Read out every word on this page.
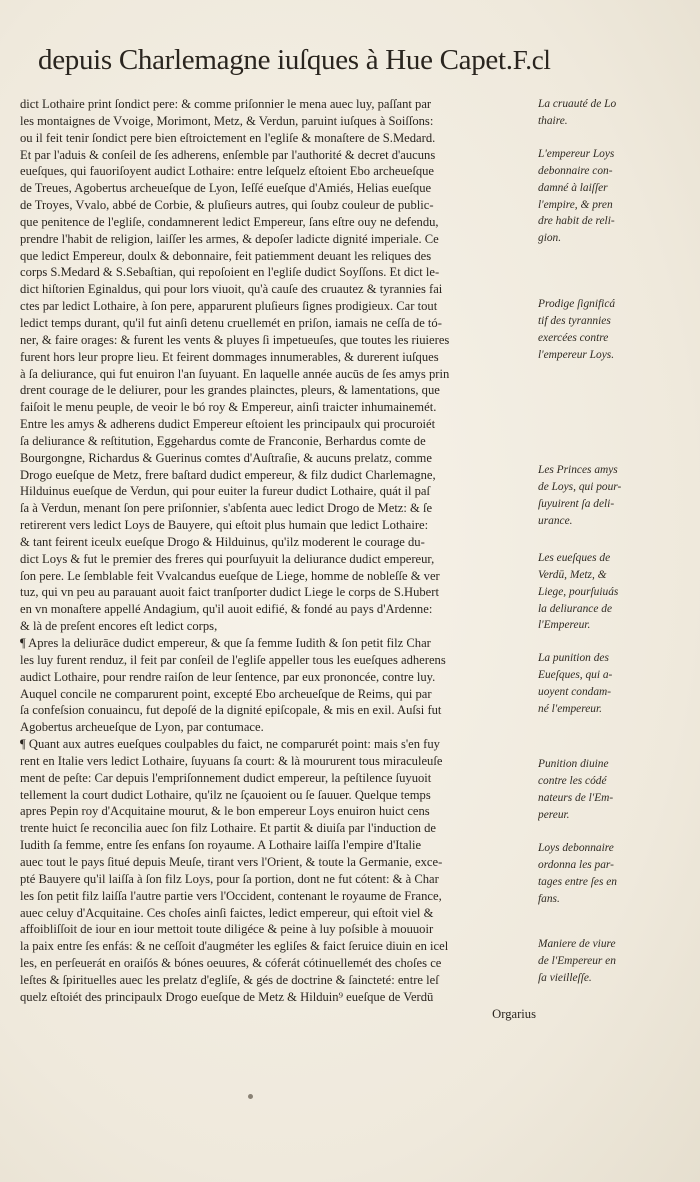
depuis Charlemagne iuſques à Hue Capet.F.cl
dict Lothaire print ſondict pere: & comme priſonnier le mena auec luy, paſſant par
les montaignes de Vvoige, Morimont, Metz, & Verdun, paruint iuſques à Soiſſons:
ou il feit tenir ſondict pere bien eſtroictement en l'egliſe & monaſtere de S.Medard.
Et par l'aduis & conſeil de ſes adherens, enſemble par l'authorité & decret d'aucuns
eueſques, qui fauoriſoyent audict Lothaire: entre leſquelz eſtoient Ebo archeueſque
de Treues, Agobertus archeueſque de Lyon, Ieſſé eueſque d'Amiés, Helias eueſque
de Troyes, Vvalo, abbé de Corbie, & pluſieurs autres, qui ſoubz couleur de public-
que penitence de l'egliſe, condamnerent ledict Empereur, ſans eſtre ouy ne defendu,
prendre l'habit de religion, laiſſer les armes, & depoſer ladicte dignité imperiale. Ce
que ledict Empereur, doulx & debonnaire, feit patiemment deuant les reliques des
corps S.Medard & S.Sebaſtian, qui repoſoient en l'egliſe dudict Soyſſons. Et dict le-
dict hiſtorien Eginaldus, qui pour lors viuoit, qu'à cauſe des cruautez & tyrannies fai
ctes par ledict Lothaire, à ſon pere, apparurent pluſieurs ſignes prodigieux. Car tout
ledict temps durant, qu'il fut ainſi detenu cruellemét en priſon, iamais ne ceſſa de tó-
ner, & faire orages: & furent les vents & pluyes ſi impetueuſes, que toutes les riuieres
furent hors leur propre lieu. Et feirent dommages innumerables, & durerent iuſques
à ſa deliurance, qui fut enuiron l'an ſuyuant. En laquelle année aucūs de ſes amys prin
drent courage de le deliurer, pour les grandes plainctes, pleurs, & lamentations, que
faiſoit le menu peuple, de veoir le bó roy & Empereur, ainſi traicter inhumainemét.
Entre les amys & adherens dudict Empereur eſtoient les principaulx qui procuroiét
ſa deliurance & reſtitution, Eggehardus comte de Franconie, Berhardus comte de
Bourgongne, Richardus & Guerinus comtes d'Auſtraſie, & aucuns prelatz, comme
Drogo eueſque de Metz, frere baſtard dudict empereur, & filz dudict Charlemagne,
Hilduinus eueſque de Verdun, qui pour euiter la fureur dudict Lothaire, quát il paſ
ſa à Verdun, menant ſon pere priſonnier, s'abſenta auec ledict Drogo de Metz: & ſe
retirerent vers ledict Loys de Bauyere, qui eſtoit plus humain que ledict Lothaire:
& tant feirent iceulx eueſque Drogo & Hilduinus, qu'ilz moderent le courage du-
dict Loys & fut le premier des freres qui pourſuyuit la deliurance dudict empereur,
ſon pere. Le ſemblable feit Vvalcandus eueſque de Liege, homme de nobleſſe & ver
tuz, qui vn peu au parauant auoit faict tranſporter dudict Liege le corps de S.Hubert
en vn monaſtere appellé Andagium, qu'il auoit edifié, & fondé au pays d'Ardenne:
& là de preſent encores eſt ledict corps,
¶ Apres la deliurāce dudict empereur, & que ſa femme Iudith & ſon petit filz Char
les luy furent renduz, il feit par conſeil de l'egliſe appeller tous les eueſques adherens
audict Lothaire, pour rendre raiſon de leur ſentence, par eux prononcée, contre luy.
Auquel concile ne comparurent point, excepté Ebo archeueſque de Reims, qui par
ſa confeſsion conuaincu, fut depoſé de la dignité epiſcopale, & mis en exil. Auſsi fut
Agobertus archeueſque de Lyon, par contumace.
¶ Quant aux autres eueſques coulpables du faict, ne comparurét point: mais s'en fuy
rent en Italie vers ledict Lothaire, ſuyuans ſa court: & là moururent tous miraculeuſe
ment de peſte: Car depuis l'empriſonnement dudict empereur, la peſtilence ſuyuoit
tellement la court dudict Lothaire, qu'ilz ne ſçauoient ou ſe ſauuer. Quelque temps
apres Pepin roy d'Acquitaine mourut, & le bon empereur Loys enuiron huict cens
trente huict ſe reconcilia auec ſon filz Lothaire. Et partit & diuiſa par l'induction de
Iudith ſa femme, entre ſes enfans ſon royaume. A Lothaire laiſſa l'empire d'Italie
auec tout le pays ſitué depuis Meuſe, tirant vers l'Orient, & toute la Germanie, exce-
pté Bauyere qu'il laiſſa à ſon filz Loys, pour ſa portion, dont ne fut cótent: & à Char
les ſon petit filz laiſſa l'autre partie vers l'Occident, contenant le royaume de France,
auec celuy d'Acquitaine. Ces choſes ainſi faictes, ledict empereur, qui eſtoit viel &
affoibliſſoit de iour en iour mettoit toute diligéce & peine à luy poſsible à mouuoir
la paix entre ſes enfás: & ne ceſſoit d'augméter les egliſes & faict ſeruice diuin en icel
les, en perſeuerát en oraiſós & bónes oeuures, & cóferát cótinuellemét des choſes ce
leſtes & ſpirituelles auec les prelatz d'egliſe, & gés de doctrine & ſaincteté: entre leſ
quelz eſtoiét des principaulx Drogo eueſque de Metz & Hilduin⁹ eueſque de Verdū
Orgarius
La cruauté de Lo
thaire.
L'empereur Loys
debonnaire con-
damné à laiſſer
l'empire, & pren
dre habit de reli-
gion.
Prodige ſignificá
tif des tyrannies
exercées contre
l'empereur Loys.
Les Princes amys
de Loys, qui pour-
ſuyuirent ſa deli-
urance.
Les eueſques de
Verdū, Metz, &
Liege, pourſuiuás
la deliurance de
l'Empereur.
La punition des
Eueſques, qui a-
uoyent condam-
né l'empereur.
Punition diuine
contre les códé
nateurs de l'Em-
pereur.
Loys debonnaire
ordonna les par-
tages entre ſes en
fans.
Maniere de viure
de l'Empereur en
ſa vieilleſſe.
